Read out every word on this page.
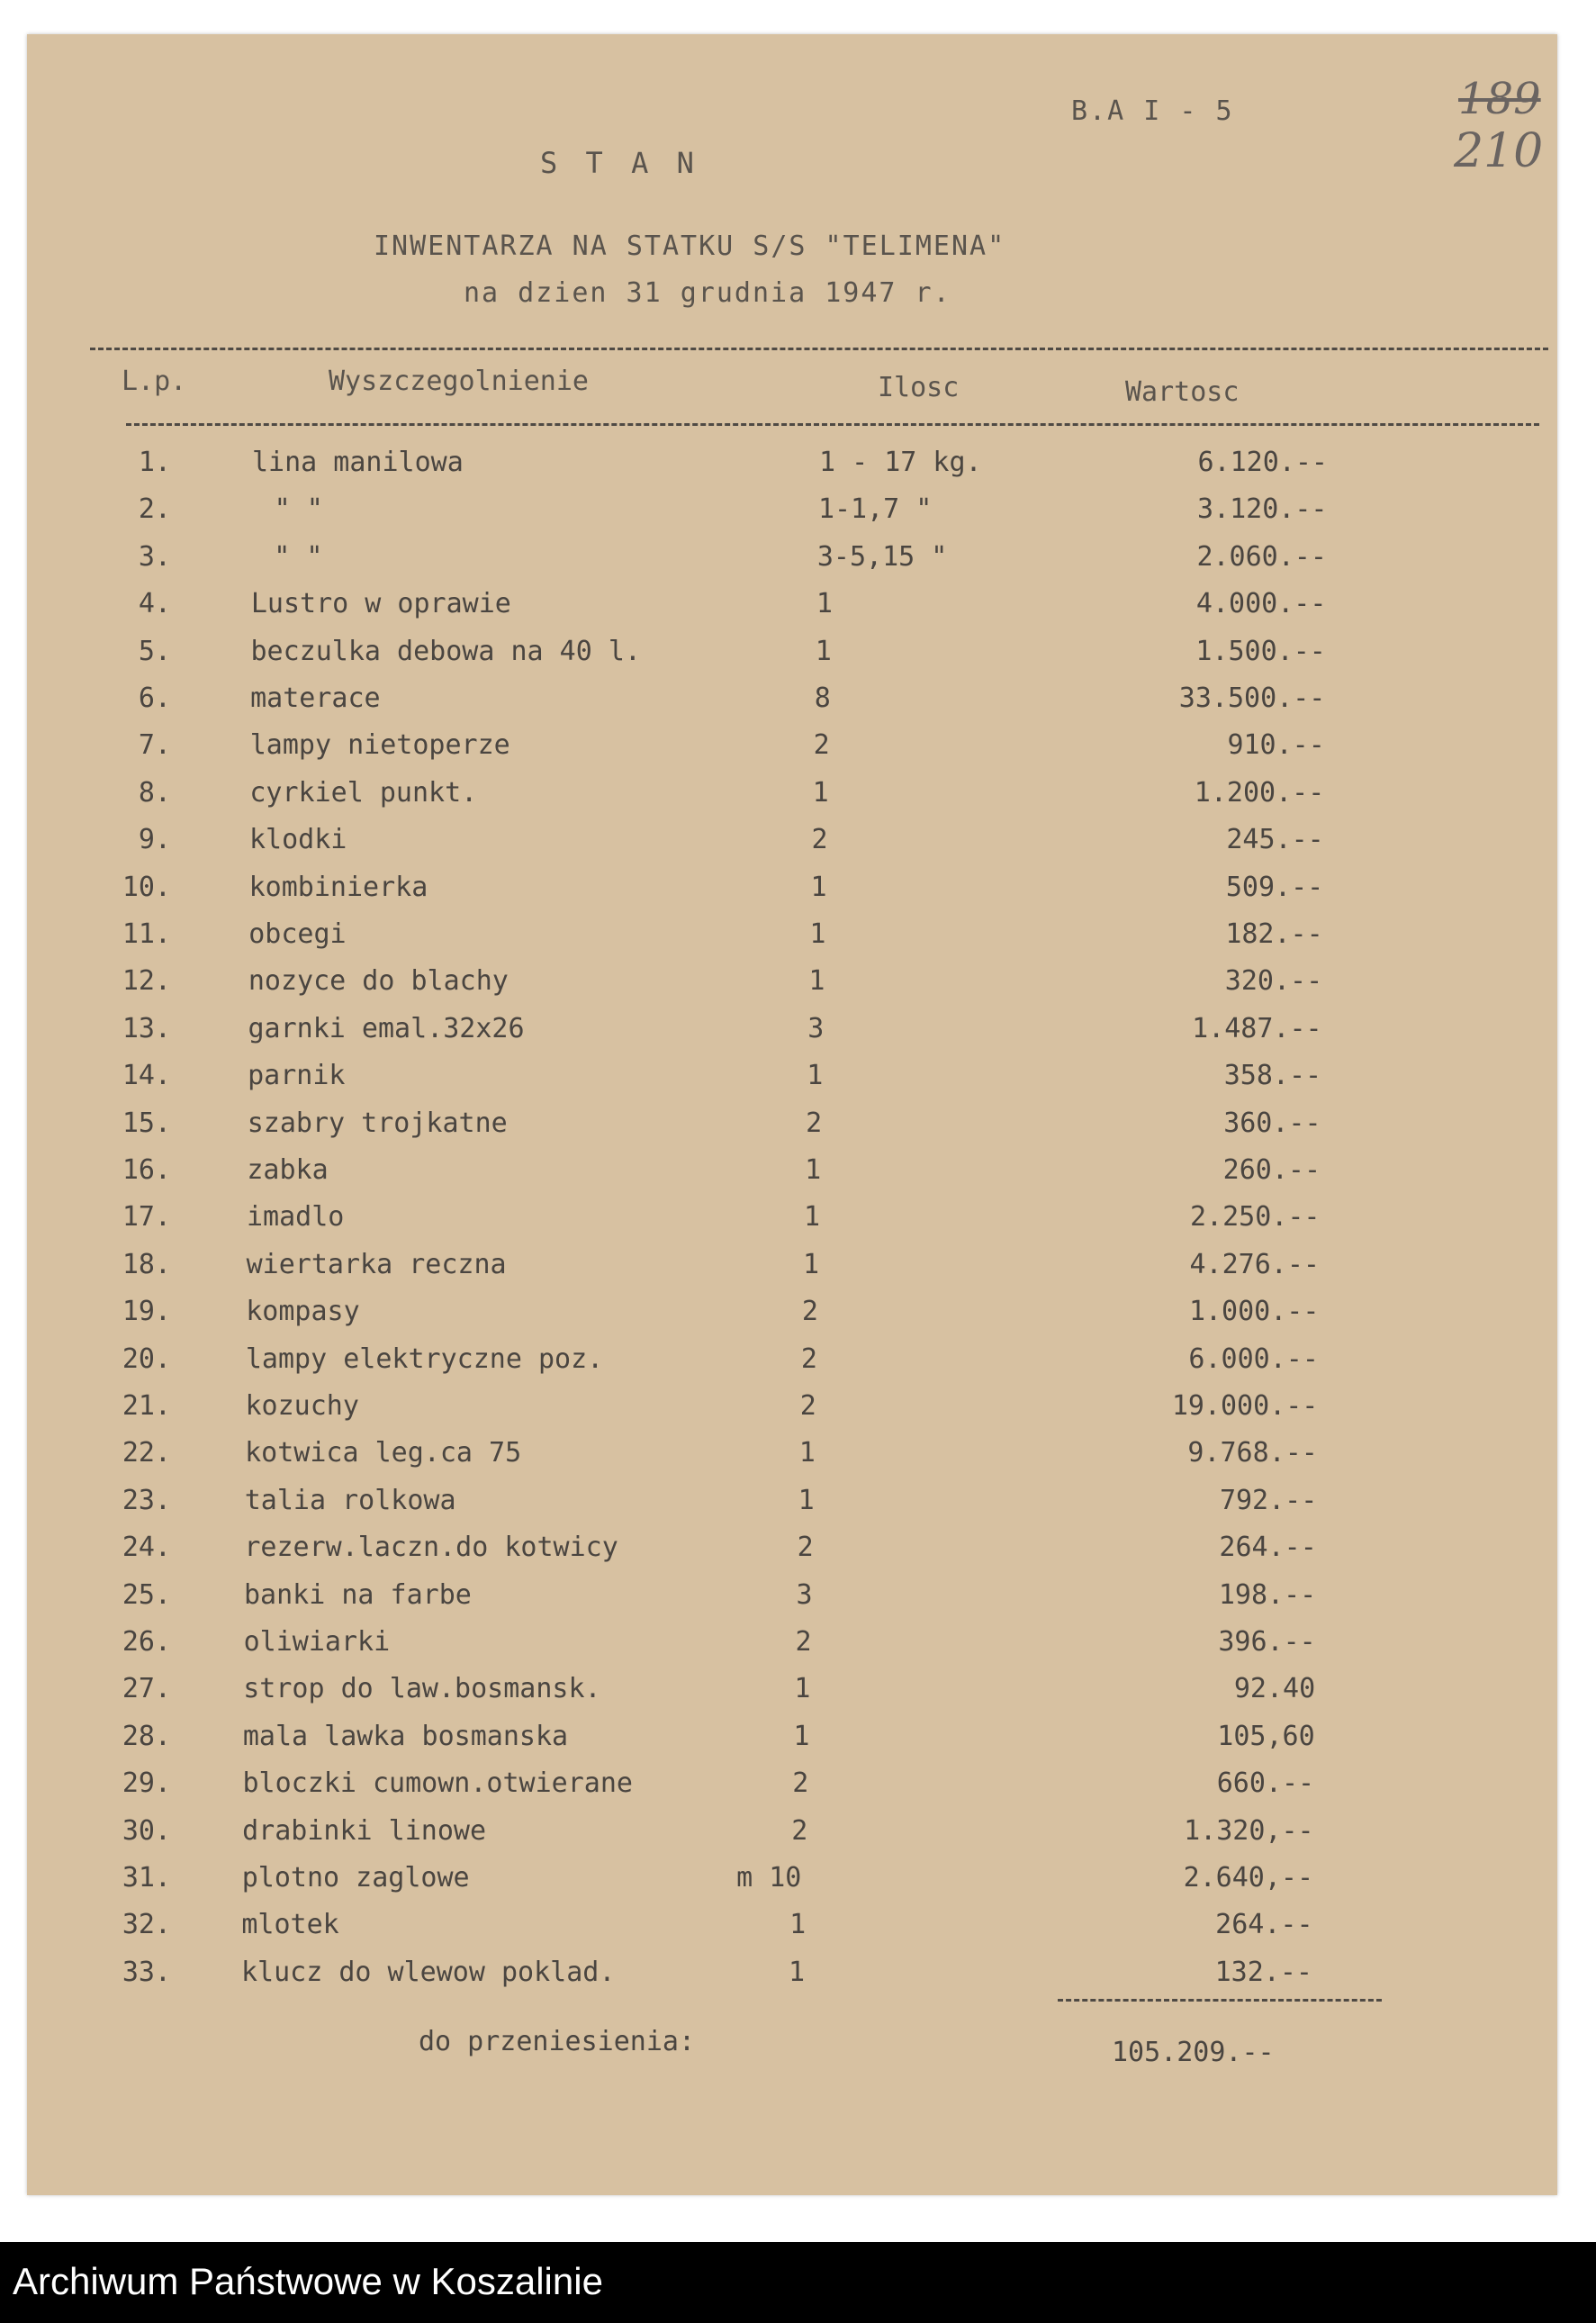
B.A I - 5	189
210
S T A N
INWENTARZA NA STATKU S/S "TELIMENA"
na dzien 31 grudnia 1947 r.
L.p.	Wyszczegolnienie	Ilosc	Wartosc
1.	lina manilowa	1 - 17 kg.	6.120.--
2.	" "	1-1,7 "	3.120.--
3.	" "	3-5,15 "	2.060.--
4.	Lustro w oprawie	1	4.000.--
5.	beczulka debowa na 40 l.	1	1.500.--
6.	materace	8	33.500.--
7.	lampy nietoperze	2	910.--
8.	cyrkiel punkt.	1	1.200.--
9.	klodki	2	245.--
10.	kombinierka	1	509.--
11.	obcegi	1	182.--
12.	nozyce do blachy	1	320.--
13.	garnki emal.32x26	3	1.487.--
14.	parnik	1	358.--
15.	szabry trojkatne	2	360.--
16.	zabka	1	260.--
17.	imadlo	1	2.250.--
18.	wiertarka reczna	1	4.276.--
19.	kompasy	2	1.000.--
20.	lampy elektryczne poz.	2	6.000.--
21.	kozuchy	2	19.000.--
22.	kotwica leg.ca 75	1	9.768.--
23.	talia rolkowa	1	792.--
24.	rezerw.laczn.do kotwicy	2	264.--
25.	banki na farbe	3	198.--
26.	oliwiarki	2	396.--
27.	strop do law.bosmansk.	1	92.40
28.	mala lawka bosmanska	1	105,60
29.	bloczki cumown.otwierane	2	660.--
30.	drabinki linowe	2	1.320,--
31.	plotno zaglowe	m 10	2.640,--
32.	mlotek	1	264.--
33.	klucz do wlewow poklad.	1	132.--
do przeniesienia:	105.209.--
Archiwum Państwowe w Koszalinie
